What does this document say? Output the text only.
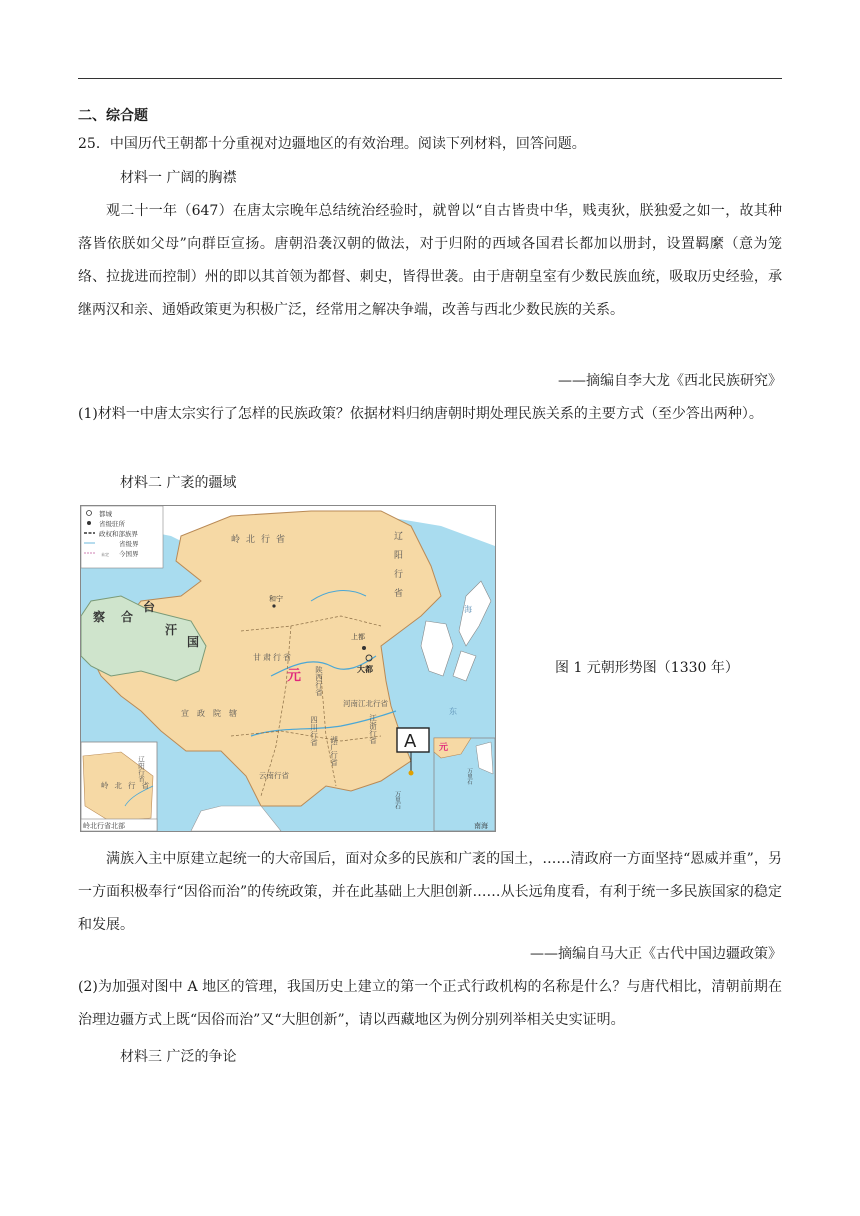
二、综合题
25．中国历代王朝都十分重视对边疆地区的有效治理。阅读下列材料，回答问题。
材料一 广阔的胸襟
观二十一年（647）在唐太宗晚年总结统治经验时，就曾以“自古皆贵中华，贱夷狄，朕独爱之如一，故其种落皆依朕如父母”向群臣宣扬。唐朝沿袭汉朝的做法，对于归附的西域各国君长都加以册封，设置羁縻（意为笼络、拉拢进而控制）州的即以其首领为都督、刺史，皆得世袭。由于唐朝皇室有少数民族血统，吸取历史经验，承继两汉和亲、通婚政策更为积极广泛，经常用之解决争端，改善与西北少数民族的关系。
——摘编自李大龙《西北民族研究》
(1)材料一中唐太宗实行了怎样的民族政策？依据材料归纳唐朝时期处理民族关系的主要方式（至少答出两种）。
材料二 广袤的疆域
都城
省级驻所
政权和部族界
省级界
今国界
未定
岭北行省	辽阳行省
和宁
察 合
台
汗
国	上都
大都
甘肃行省
元 陕西行省
河南江北行省
四川行省
宣政院辖
云南行省
湖广行省
江浙行省
海
东
万里石
A
岭北行省
辽阳行省
岭北行省北部
元
万里石
南海
图 1 元朝形势图（1330 年）
满族入主中原建立起统一的大帝国后，面对众多的民族和广袤的国土，……清政府一方面坚持“恩威并重”，另一方面积极奉行“因俗而治”的传统政策，并在此基础上大胆创新……从长远角度看，有利于统一多民族国家的稳定和发展。
——摘编自马大正《古代中国边疆政策》
(2)为加强对图中 A 地区的管理，我国历史上建立的第一个正式行政机构的名称是什么？与唐代相比，清朝前期在治理边疆方式上既“因俗而治”又“大胆创新”，请以西藏地区为例分别列举相关史实证明。
材料三 广泛的争论
